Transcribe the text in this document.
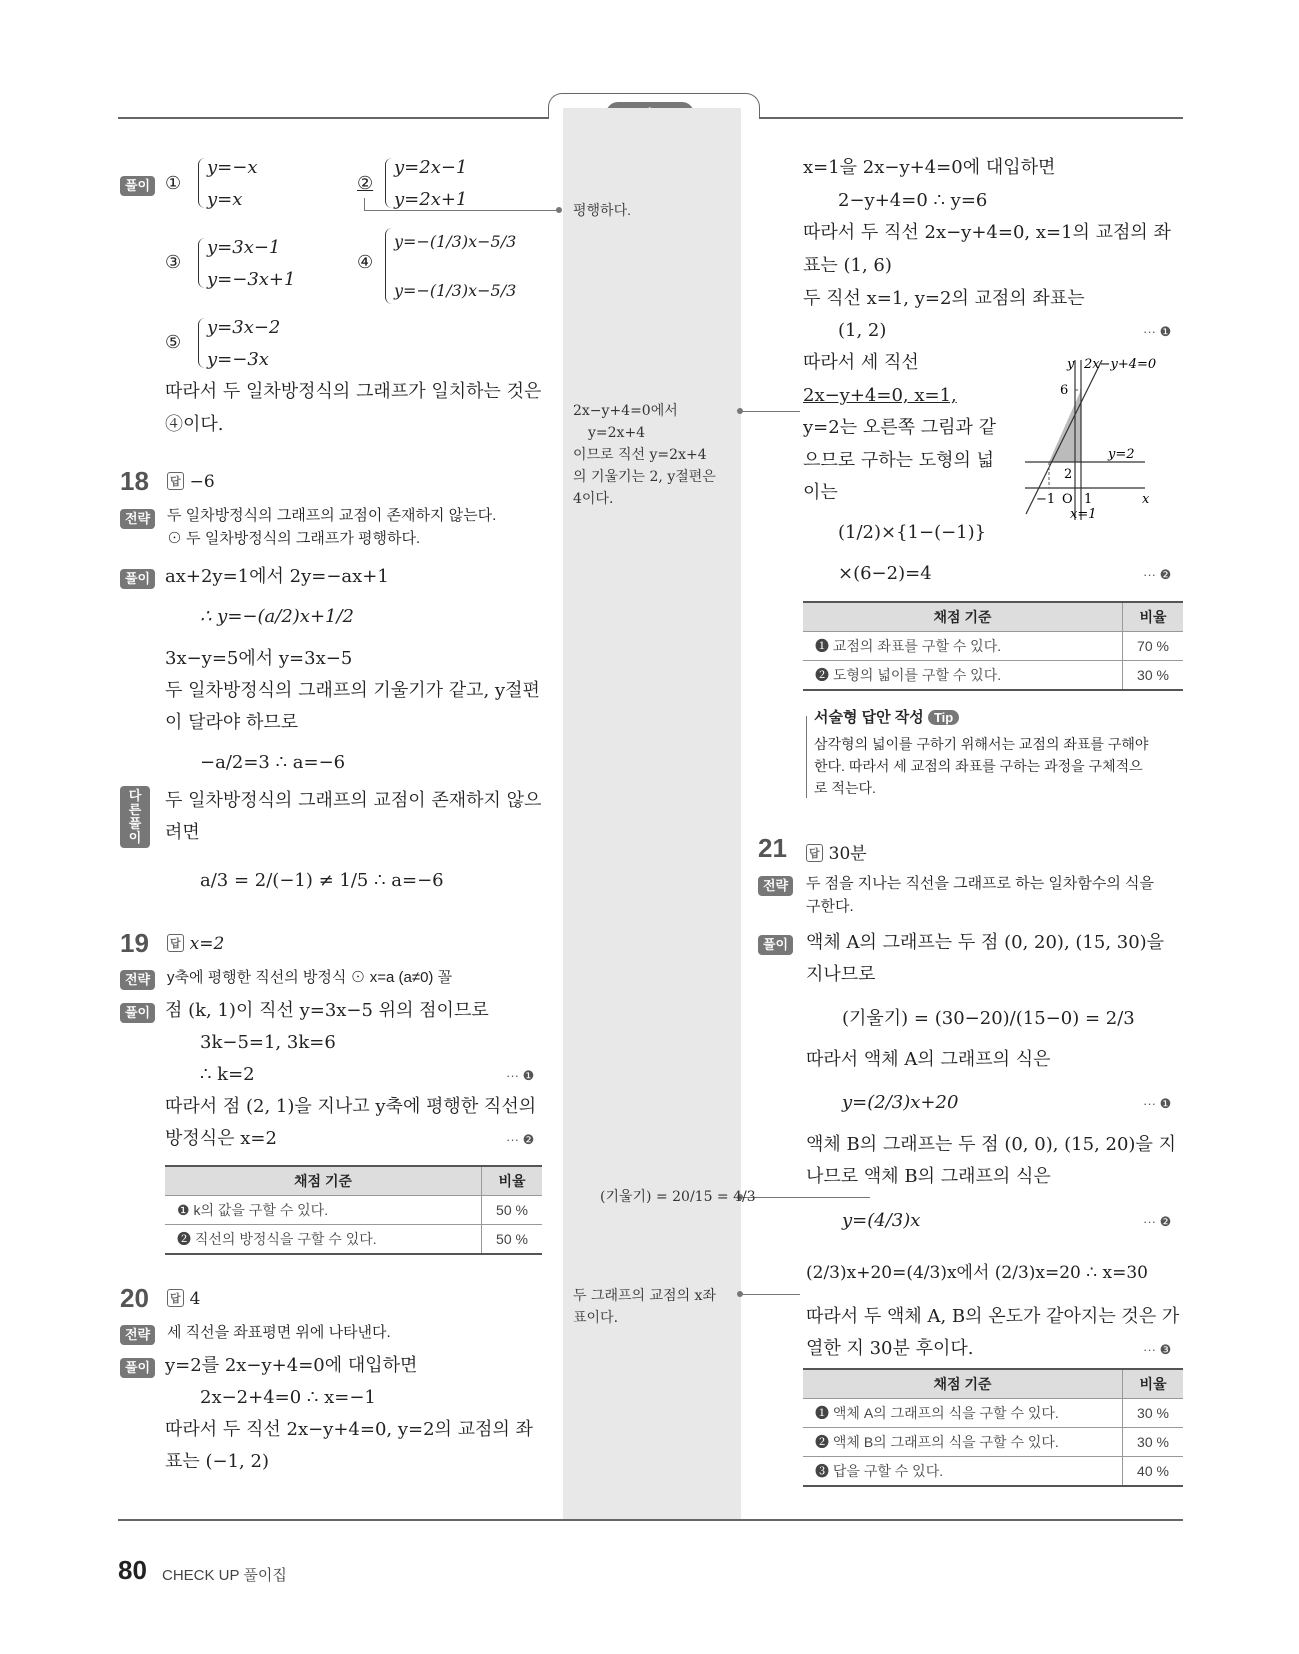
풀이 ①
y=−x
y=x
②
y=2x−1
y=2x+1
③
y=3x−1
y=−3x+1
④
y=−(1/3)x−5/3
y=−(1/3)x−5/3
⑤
y=3x−2
y=−3x
따라서 두 일차방정식의 그래프가 일치하는 것은
④이다.
평행하다.
18 답 −6
전략	두 일차방정식의 그래프의 교점이 존재하지 않는다.
⊙ 두 일차방정식의 그래프가 평행하다.
풀이 ax+2y=1에서 2y=−ax+1
∴ y=−(a/2)x+1/2
3x−y=5에서 y=3x−5
두 일차방정식의 그래프의 기울기가 같고, y절편
이 달라야 하므로
−a/2=3 ∴ a=−6
다른
풀이
두 일차방정식의 그래프의 교점이 존재하지 않으
려면
a/3 = 2/(−1) ≠ 1/5 ∴ a=−6
19 답 x=2
전략	y축에 평행한 직선의 방정식 ⊙ x=a (a≠0) 꼴
풀이 점 (k, 1)이 직선 y=3x−5 위의 점이므로
3k−5=1, 3k=6
∴ k=2	··· ❶
따라서 점 (2, 1)을 지나고 y축에 평행한 직선의
방정식은 x=2	··· ❷
채점 기준	비율
❶ k의 값을 구할 수 있다.	50 %
❷ 직선의 방정식을 구할 수 있다.	50 %
20 답 4
전략	세 직선을 좌표평면 위에 나타낸다.
풀이 y=2를 2x−y+4=0에 대입하면
2x−2+4=0 ∴ x=−1
따라서 두 직선 2x−y+4=0, y=2의 교점의 좌
표는 (−1, 2)
x=1을 2x−y+4=0에 대입하면
2−y+4=0 ∴ y=6
따라서 두 직선 2x−y+4=0, x=1의 교점의 좌
표는 (1, 6)
두 직선 x=1, y=2의 교점의 좌표는
(1, 2)	··· ❶
따라서 세 직선
2x−y+4=0, x=1,
y=2는 오른쪽 그림과 같
으므로 구하는 도형의 넓
이는
(1/2)×{1−(−1)}
×(6−2)=4	··· ❷
2x−y+4=0에서
y=2x+4
이므로 직선 y=2x+4
의 기울기는 2, y절편은
4이다.
y
x
2x−y+4=0
y=2
x=1
6
2
−1 O 1
채점 기준	비율
❶ 교점의 좌표를 구할 수 있다.	70 %
❷ 도형의 넓이를 구할 수 있다.	30 %
서술형 답안 작성 Tip
삼각형의 넓이를 구하기 위해서는 교점의 좌표를 구해야
한다. 따라서 세 교점의 좌표를 구하는 과정을 구체적으
로 적는다.
21 답 30분
전략	두 점을 지나는 직선을 그래프로 하는 일차함수의 식을
구한다.
풀이 액체 A의 그래프는 두 점 (0, 20), (15, 30)을
지나므로
(기울기) = (30−20)/(15−0) = 2/3
따라서 액체 A의 그래프의 식은
y=(2/3)x+20	··· ❶
액체 B의 그래프는 두 점 (0, 0), (15, 20)을 지
나므로 액체 B의 그래프의 식은
y=(4/3)x	··· ❷
(2/3)x+20=(4/3)x에서 (2/3)x=20 ∴ x=30
따라서 두 액체 A, B의 온도가 같아지는 것은 가
열한 지 30분 후이다.	··· ❸
(기울기) = 20/15 = 4/3
두 그래프의 교점의 x좌
표이다.
채점 기준	비율
❶ 액체 A의 그래프의 식을 구할 수 있다.	30 %
❷ 액체 B의 그래프의 식을 구할 수 있다.	30 %
❸ 답을 구할 수 있다.	40 %
80 CHECK UP 풀이집
